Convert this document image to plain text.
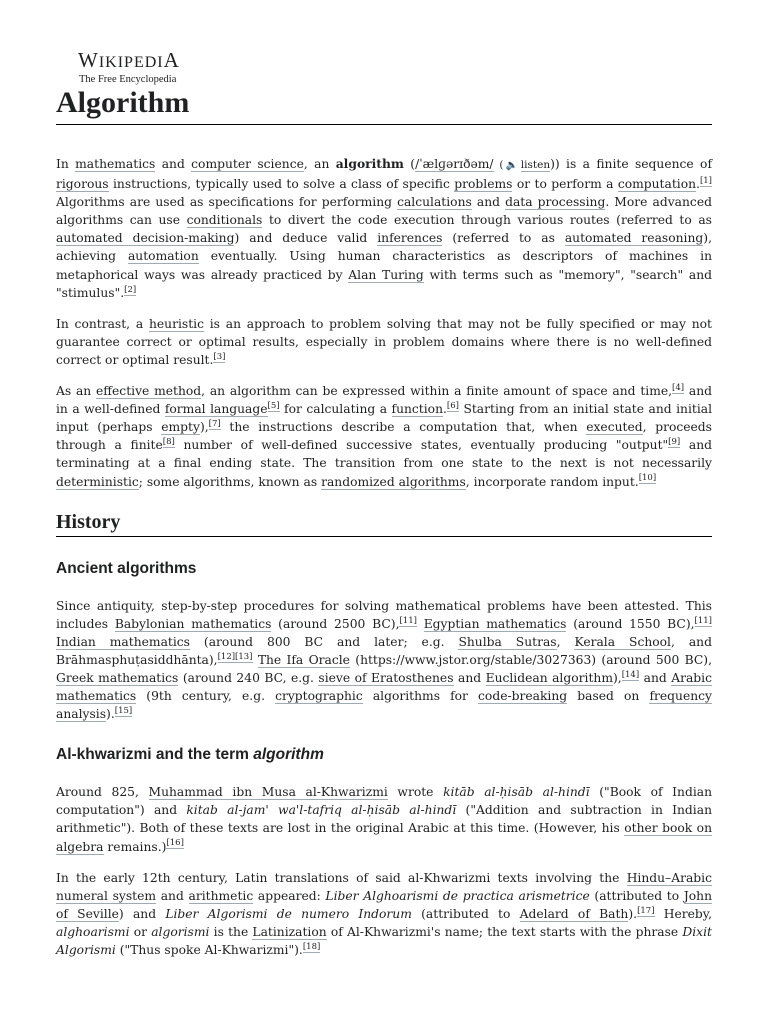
WIKIPEDIA
The Free Encyclopedia
Algorithm

In mathematics and computer science, an algorithm (/ˈælɡərɪðəm/ (🔈listen)) is a finite sequence of rigorous instructions, typically used to solve a class of specific problems or to perform a computation.[1] Algorithms are used as specifications for performing calculations and data processing. More advanced algorithms can use conditionals to divert the code execution through various routes (referred to as automated decision-making) and deduce valid inferences (referred to as automated reasoning), achieving automation eventually. Using human characteristics as descriptors of machines in metaphorical ways was already practiced by Alan Turing with terms such as "memory", "search" and "stimulus".[2]

In contrast, a heuristic is an approach to problem solving that may not be fully specified or may not guarantee correct or optimal results, especially in problem domains where there is no well-defined correct or optimal result.[3]

As an effective method, an algorithm can be expressed within a finite amount of space and time,[4] and in a well-defined formal language[5] for calculating a function.[6] Starting from an initial state and initial input (perhaps empty),[7] the instructions describe a computation that, when executed, proceeds through a finite[8] number of well-defined successive states, eventually producing "output"[9] and terminating at a final ending state. The transition from one state to the next is not necessarily deterministic; some algorithms, known as randomized algorithms, incorporate random input.[10]

History
Ancient algorithms

Since antiquity, step-by-step procedures for solving mathematical problems have been attested. This includes Babylonian mathematics (around 2500 BC),[11] Egyptian mathematics (around 1550 BC),[11] Indian mathematics (around 800 BC and later; e.g. Shulba Sutras, Kerala School, and Brāhmasphuṭasiddhānta),[12][13] The Ifa Oracle (https://www.jstor.org/stable/3027363) (around 500 BC), Greek mathematics (around 240 BC, e.g. sieve of Eratosthenes and Euclidean algorithm),[14] and Arabic mathematics (9th century, e.g. cryptographic algorithms for code-breaking based on frequency analysis).[15]

Al-khwarizmi and the term algorithm

Around 825, Muhammad ibn Musa al-Khwarizmi wrote kitāb al-ḥisāb al-hindī ("Book of Indian computation") and kitab al-jam' wa'l-tafriq al-ḥisāb al-hindī ("Addition and subtraction in Indian arithmetic"). Both of these texts are lost in the original Arabic at this time. (However, his other book on algebra remains.)[16]

In the early 12th century, Latin translations of said al-Khwarizmi texts involving the Hindu–Arabic numeral system and arithmetic appeared: Liber Alghoarismi de practica arismetrice (attributed to John of Seville) and Liber Algorismi de numero Indorum (attributed to Adelard of Bath).[17] Hereby, alghoarismi or algorismi is the Latinization of Al-Khwarizmi's name; the text starts with the phrase Dixit Algorismi ("Thus spoke Al-Khwarizmi").[18]
